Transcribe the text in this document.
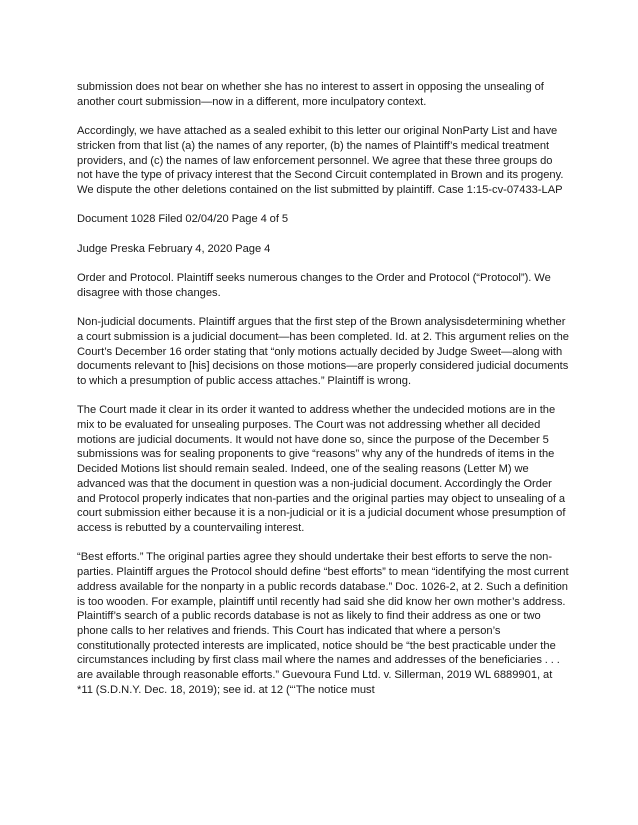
submission does not bear on whether she has no interest to assert in opposing the unsealing of another court submission—now in a different, more inculpatory context.

Accordingly, we have attached as a sealed exhibit to this letter our original NonParty List and have stricken from that list (a) the names of any reporter, (b) the names of Plaintiff’s medical treatment providers, and (c) the names of law enforcement personnel. We agree that these three groups do not have the type of privacy interest that the Second Circuit contemplated in Brown and its progeny. We dispute the other deletions contained on the list submitted by plaintiff. Case 1:15-cv-07433-LAP

Document 1028 Filed 02/04/20 Page 4 of 5

Judge Preska February 4, 2020 Page 4

Order and Protocol. Plaintiff seeks numerous changes to the Order and Protocol (“Protocol”). We disagree with those changes.

Non-judicial documents. Plaintiff argues that the first step of the Brown analysisdetermining whether a court submission is a judicial document—has been completed. Id. at 2. This argument relies on the Court’s December 16 order stating that “only motions actually decided by Judge Sweet—along with documents relevant to [his] decisions on those motions—are properly considered judicial documents to which a presumption of public access attaches.” Plaintiff is wrong.

The Court made it clear in its order it wanted to address whether the undecided motions are in the mix to be evaluated for unsealing purposes. The Court was not addressing whether all decided motions are judicial documents. It would not have done so, since the purpose of the December 5 submissions was for sealing proponents to give “reasons” why any of the hundreds of items in the Decided Motions list should remain sealed. Indeed, one of the sealing reasons (Letter M) we advanced was that the document in question was a non-judicial document. Accordingly the Order and Protocol properly indicates that non-parties and the original parties may object to unsealing of a court submission either because it is a non-judicial or it is a judicial document whose presumption of access is rebutted by a countervailing interest.

“Best efforts.” The original parties agree they should undertake their best efforts to serve the non-parties. Plaintiff argues the Protocol should define “best efforts” to mean “identifying the most current address available for the nonparty in a public records database.” Doc. 1026-2, at 2. Such a definition is too wooden. For example, plaintiff until recently had said she did know her own mother’s address. Plaintiff’s search of a public records database is not as likely to find their address as one or two phone calls to her relatives and friends. This Court has indicated that where a person’s constitutionally protected interests are implicated, notice should be “the best practicable under the circumstances including by first class mail where the names and addresses of the beneficiaries . . . are available through reasonable efforts.” Guevoura Fund Ltd. v. Sillerman, 2019 WL 6889901, at *11 (S.D.N.Y. Dec. 18, 2019); see id. at 12 (“‘The notice must
